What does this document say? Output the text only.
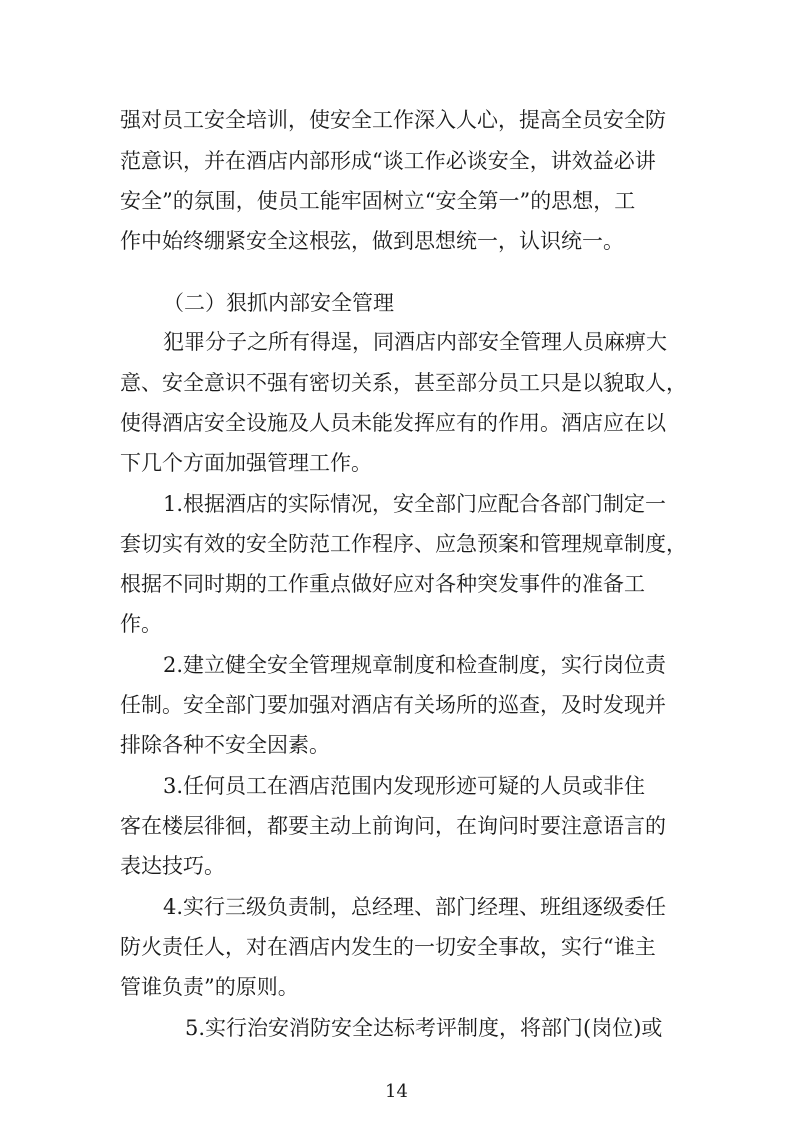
强对员工安全培训，使安全工作深入人心，提高全员安全防

范意识，并在酒店内部形成“谈工作必谈安全，讲效益必讲

安全”的氛围，使员工能牢固树立“安全第一”的思想，工

作中始终绷紧安全这根弦，做到思想统一，认识统一。

（二）狠抓内部安全管理

犯罪分子之所有得逞，同酒店内部安全管理人员麻痹大

意、安全意识不强有密切关系，甚至部分员工只是以貌取人，

使得酒店安全设施及人员未能发挥应有的作用。酒店应在以

下几个方面加强管理工作。

1.根据酒店的实际情况，安全部门应配合各部门制定一

套切实有效的安全防范工作程序、应急预案和管理规章制度，

根据不同时期的工作重点做好应对各种突发事件的准备工

作。

2.建立健全安全管理规章制度和检查制度，实行岗位责

任制。安全部门要加强对酒店有关场所的巡查，及时发现并

排除各种不安全因素。

3.任何员工在酒店范围内发现形迹可疑的人员或非住

客在楼层徘徊，都要主动上前询问，在询问时要注意语言的

表达技巧。

4.实行三级负责制，总经理、部门经理、班组逐级委任

防火责任人，对在酒店内发生的一切安全事故，实行“谁主

管谁负责”的原则。

5.实行治安消防安全达标考评制度，将部门(岗位)或

14
